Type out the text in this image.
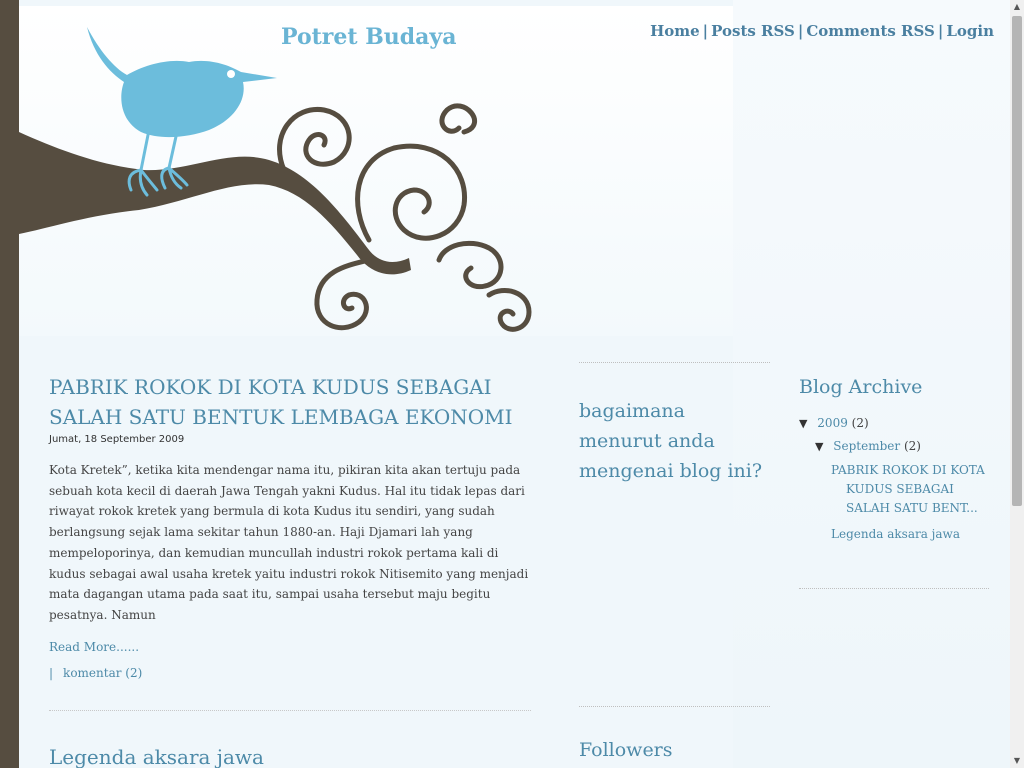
Potret Budaya	Home | Posts RSS | Comments RSS | Login
PABRIK ROKOK DI KOTA KUDUS SEBAGAI SALAH SATU BENTUK LEMBAGA EKONOMI
Jumat, 18 September 2009
Kota Kretek”, ketika kita mendengar nama itu, pikiran kita akan tertuju pada sebuah kota kecil di daerah Jawa Tengah yakni Kudus. Hal itu tidak lepas dari riwayat rokok kretek yang bermula di kota Kudus itu sendiri, yang sudah berlangsung sejak lama sekitar tahun 1880-an. Haji Djamari lah yang mempeloporinya, dan kemudian muncullah industri rokok pertama kali di kudus sebagai awal usaha kretek yaitu industri rokok Nitisemito yang menjadi mata dagangan utama pada saat itu, sampai usaha tersebut maju begitu pesatnya. Namun
Read More......
| komentar (2)
Legenda aksara jawa
bagaimana menurut anda mengenai blog ini?
Followers
Blog Archive
▼ 2009 (2)
▼ September (2)
PABRIK ROKOK DI KOTA
KUDUS SEBAGAI
SALAH SATU BENT...
Legenda aksara jawa
▲
▼
